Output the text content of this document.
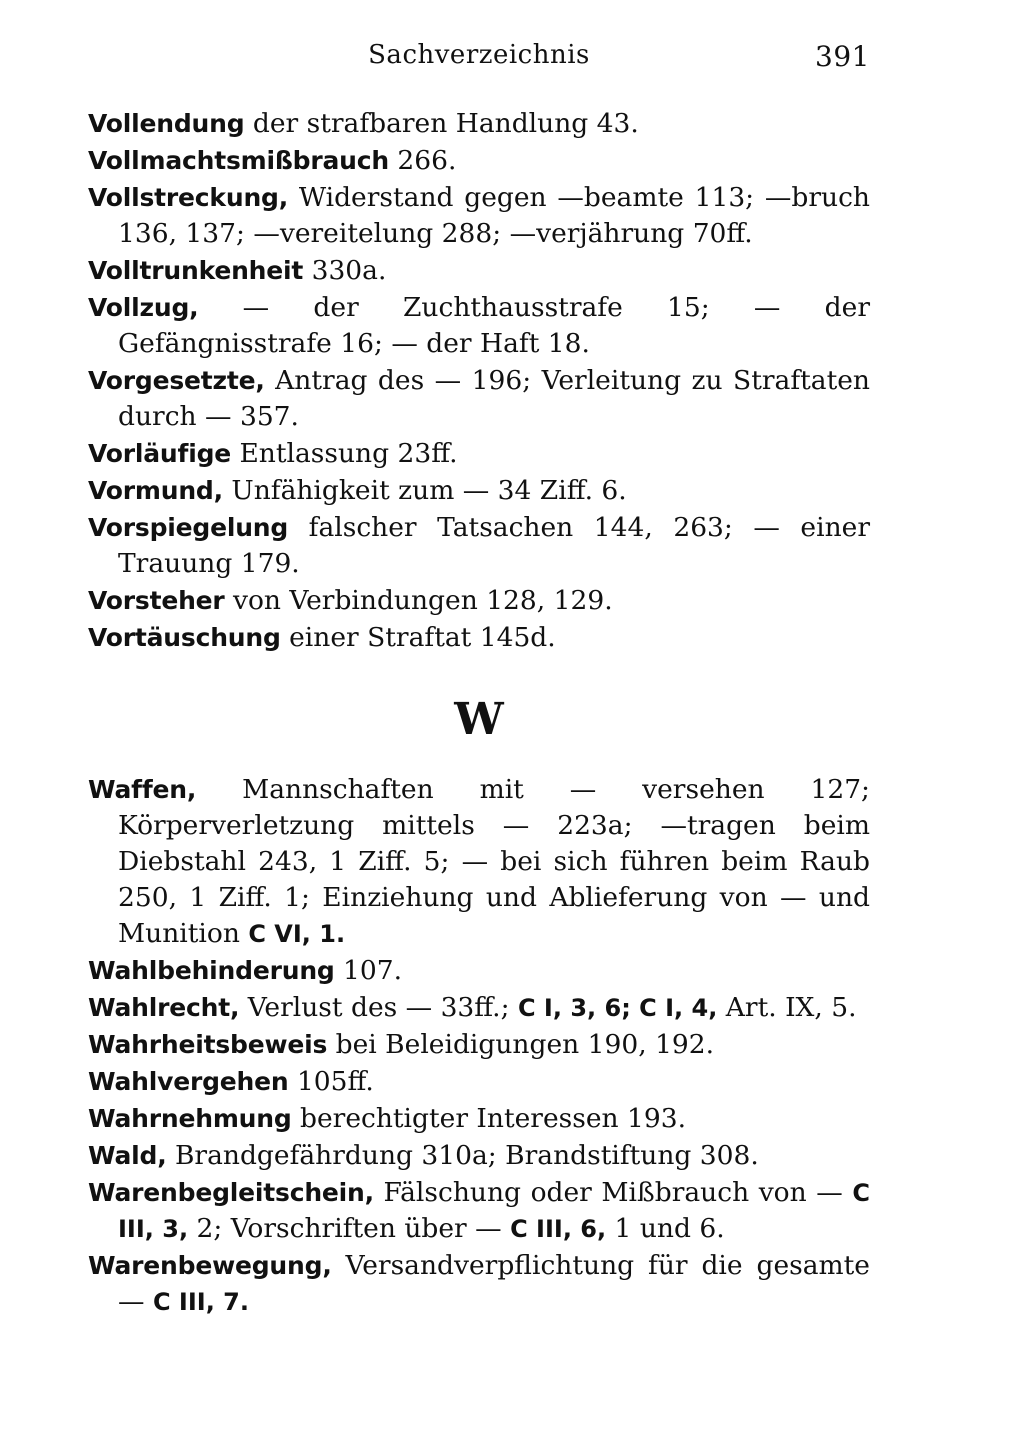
Sachverzeichnis	391

Vollendung der strafbaren Handlung 43.

Vollmachtsmißbrauch 266.

Vollstreckung, Widerstand gegen —beamte 113; —bruch 136, 137; —vereitelung 288; —verjährung 70ff.

Volltrunkenheit 330a.

Vollzug, — der Zuchthausstrafe 15; — der Gefängnisstrafe 16; — der Haft 18.

Vorgesetzte, Antrag des — 196; Verleitung zu Straftaten durch — 357.

Vorläufige Entlassung 23ff.

Vormund, Unfähigkeit zum — 34 Ziff. 6.

Vorspiegelung falscher Tatsachen 144, 263; — einer Trauung 179.

Vorsteher von Verbindungen 128, 129.

Vortäuschung einer Straftat 145d.

W

Waffen, Mannschaften mit — versehen 127; Körperverletzung mittels — 223a; —tragen beim Diebstahl 243, 1 Ziff. 5; — bei sich führen beim Raub 250, 1 Ziff. 1; Einziehung und Ablieferung von — und Munition C VI, 1.

Wahlbehinderung 107.

Wahlrecht, Verlust des — 33ff.; C I, 3, 6; C I, 4, Art. IX, 5.

Wahrheitsbeweis bei Beleidigungen 190, 192.

Wahlvergehen 105ff.

Wahrnehmung berechtigter Interessen 193.

Wald, Brandgefährdung 310a; Brandstiftung 308.

Warenbegleitschein, Fälschung oder Mißbrauch von — C III, 3, 2; Vorschriften über — C III, 6, 1 und 6.

Warenbewegung, Versandverpflichtung für die gesamte — C III, 7.
